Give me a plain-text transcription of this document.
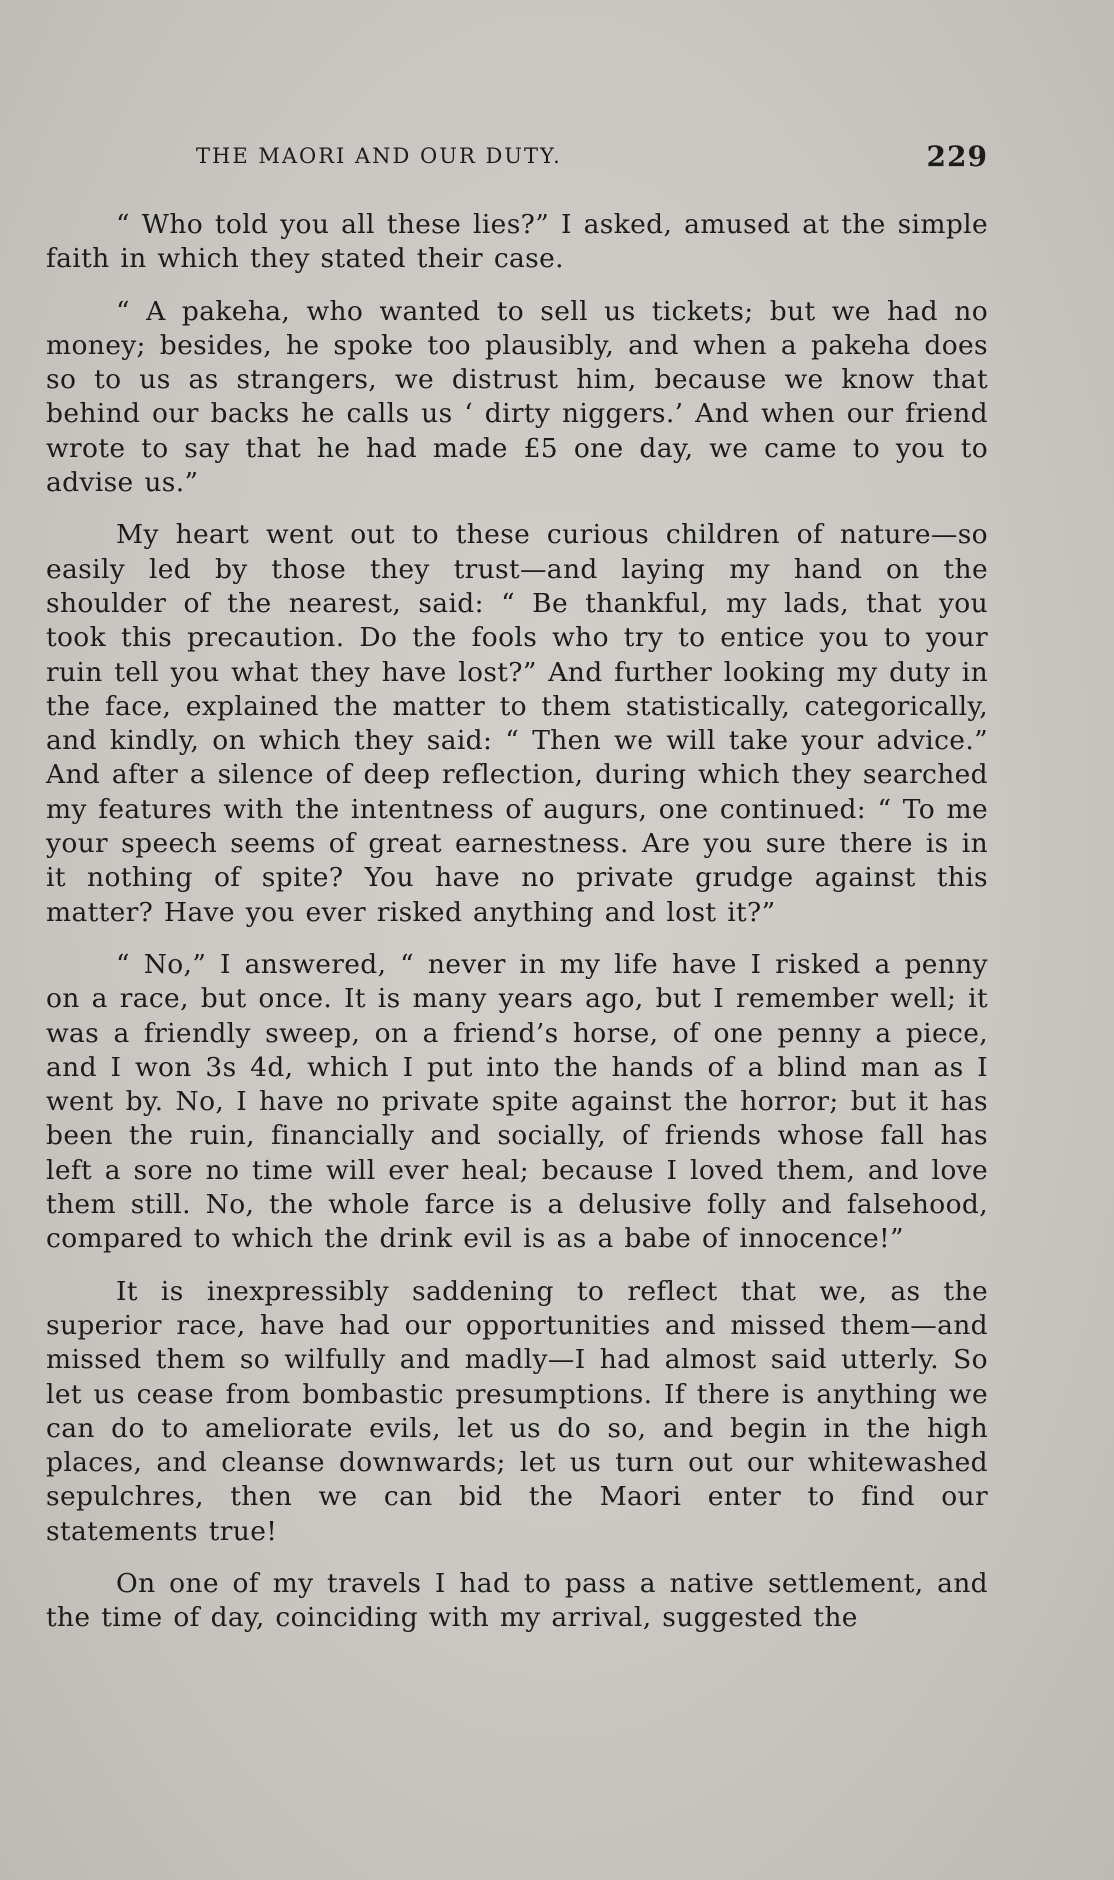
THE MAORI AND OUR DUTY.	229

“ Who told you all these lies?” I asked, amused at the simple faith in which they stated their case.

“ A pakeha, who wanted to sell us tickets; but we had no money; besides, he spoke too plausibly, and when a pakeha does so to us as strangers, we distrust him, because we know that behind our backs he calls us ‘ dirty niggers.’ And when our friend wrote to say that he had made £5 one day, we came to you to advise us.”

My heart went out to these curious children of nature—so easily led by those they trust—and laying my hand on the shoulder of the nearest, said: “ Be thankful, my lads, that you took this precaution. Do the fools who try to entice you to your ruin tell you what they have lost?” And further looking my duty in the face, explained the matter to them statistically, categorically, and kindly, on which they said: “ Then we will take your advice.” And after a silence of deep reflection, during which they searched my features with the intentness of augurs, one continued: “ To me your speech seems of great earnestness. Are you sure there is in it nothing of spite? You have no private grudge against this matter? Have you ever risked anything and lost it?”

“ No,” I answered, “ never in my life have I risked a penny on a race, but once. It is many years ago, but I remember well; it was a friendly sweep, on a friend’s horse, of one penny a piece, and I won 3s 4d, which I put into the hands of a blind man as I went by. No, I have no private spite against the horror; but it has been the ruin, financially and socially, of friends whose fall has left a sore no time will ever heal; because I loved them, and love them still. No, the whole farce is a delusive folly and falsehood, compared to which the drink evil is as a babe of innocence!”

It is inexpressibly saddening to reflect that we, as the superior race, have had our opportunities and missed them—and missed them so wilfully and madly—I had almost said utterly. So let us cease from bombastic presumptions. If there is anything we can do to ameliorate evils, let us do so, and begin in the high places, and cleanse downwards; let us turn out our whitewashed sepulchres, then we can bid the Maori enter to find our statements true!

On one of my travels I had to pass a native settlement, and the time of day, coinciding with my arrival, suggested the
